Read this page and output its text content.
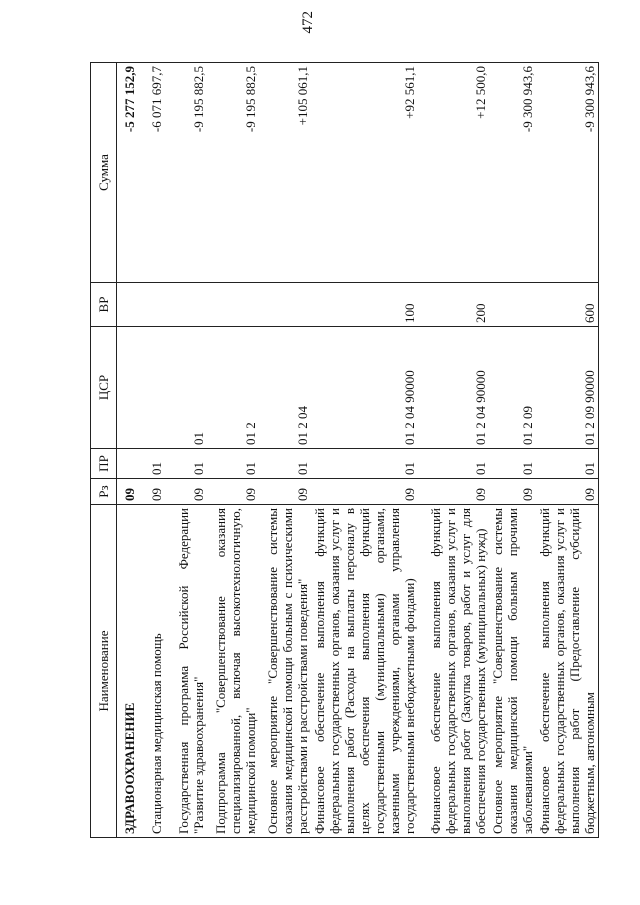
472
Наименование	Рз	ПР	ЦСР	ВР	Сумма
ЗДРАВООХРАНЕНИЕ	09				-5 277 152,9
Стационарная медицинская помощь	09	01			-6 071 697,7
Государственная программа Российской Федерации "Развитие здравоохранения"	09	01	01		-9 195 882,5
Подпрограмма "Совершенствование оказания специализированной, включая высокотехнологичную, медицинской помощи"	09	01	01 2		-9 195 882,5
Основное мероприятие "Совершенствование системы оказания медицинской помощи больным с психическими расстройствами и расстройствами поведения"	09	01	01 2 04		+105 061,1
Финансовое обеспечение выполнения функций федеральных государственных органов, оказания услуг и выполнения работ (Расходы на выплаты персоналу в целях обеспечения выполнения функций государственными (муниципальными) органами, казенными учреждениями, органами управления государственными внебюджетными фондами)	09	01	01 2 04 90000	100	+92 561,1
Финансовое обеспечение выполнения функций федеральных государственных органов, оказания услуг и выполнения работ (Закупка товаров, работ и услуг для обеспечения государственных (муниципальных) нужд)	09	01	01 2 04 90000	200	+12 500,0
Основное мероприятие "Совершенствование системы оказания медицинской помощи больным прочими заболеваниями"	09	01	01 2 09		-9 300 943,6
Финансовое обеспечение выполнения функций федеральных государственных органов, оказания услуг и выполнения работ (Предоставление субсидий бюджетным, автономным	09	01	01 2 09 90000	600	-9 300 943,6
